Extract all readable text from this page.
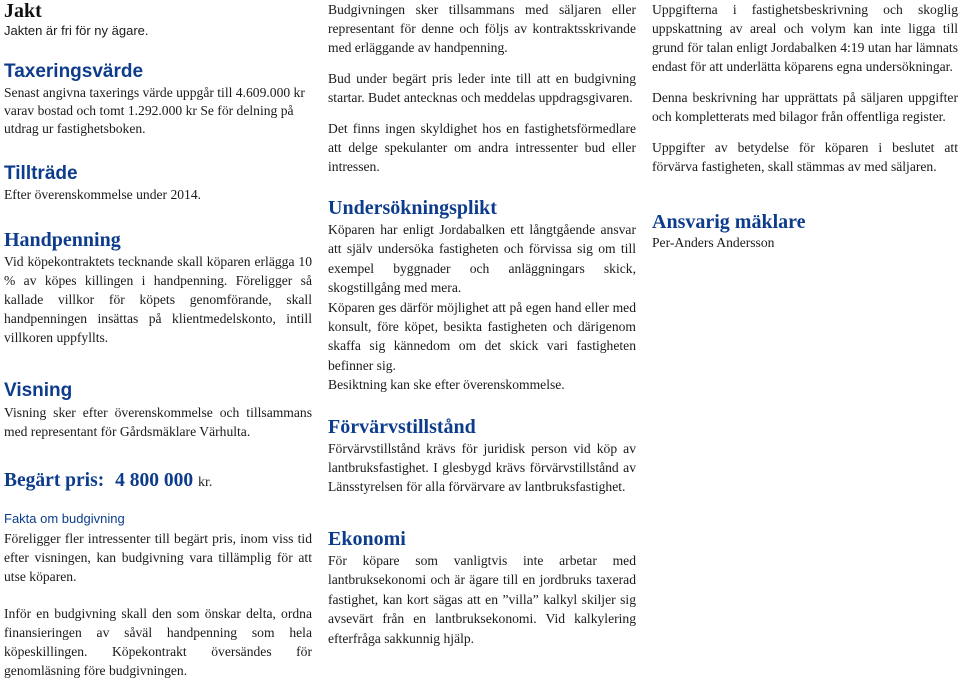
Jakt

Jakten är fri för ny ägare.

Taxeringsvärde

Senast angivna taxerings värde uppgår till 4.609.000 kr varav bostad och tomt 1.292.000 kr Se för delning på utdrag ur fastighetsboken.

Tillträde

Efter överenskommelse under 2014.

Handpenning

Vid köpekontraktets tecknande skall köparen erlägga 10 % av köpes killingen i handpenning. Föreligger så kallade villkor för köpets genomförande, skall handpenningen insättas på klientmedelskonto, intill villkoren uppfyllts.

Visning

Visning sker efter överenskommelse och tillsammans med representant för Gårdsmäklare Värhulta.

Begärt pris: 4 800 000 kr.

Fakta om budgivning

Föreligger fler intressenter till begärt pris, inom viss tid efter visningen, kan budgivning vara tillämplig för att utse köparen.

Inför en budgivning skall den som önskar delta, ordna finansieringen av såväl handpenning som hela köpeskillingen. Köpekontrakt översändes för genomläsning före budgivningen.

Budgivningen sker tillsammans med säljaren eller representant för denne och följs av kontraktsskrivande med erläggande av handpenning.

Bud under begärt pris leder inte till att en budgivning startar. Budet antecknas och meddelas uppdragsgivaren.

Det finns ingen skyldighet hos en fastighetsförmedlare att delge spekulanter om andra intressenter bud eller intressen.

Undersökningsplikt

Köparen har enligt Jordabalken ett långtgående ansvar att själv undersöka fastigheten och förvissa sig om till exempel byggnader och anläggningars skick, skogstillgång med mera.

Köparen ges därför möjlighet att på egen hand eller med konsult, före köpet, besikta fastigheten och därigenom skaffa sig kännedom om det skick vari fastigheten befinner sig.

Besiktning kan ske efter överenskommelse.

Förvärvstillstånd

Förvärvstillstånd krävs för juridisk person vid köp av lantbruksfastighet. I glesbygd krävs förvärvstillstånd av Länsstyrelsen för alla förvärvare av lantbruksfastighet.

Ekonomi

För köpare som vanligtvis inte arbetar med lantbruksekonomi och är ägare till en jordbruks taxerad fastighet, kan kort sägas att en ”villa” kalkyl skiljer sig avsevärt från en lantbruksekonomi. Vid kalkylering efterfråga sakkunnig hjälp.

Uppgifterna i fastighetsbeskrivning och skoglig uppskattning av areal och volym kan inte ligga till grund för talan enligt Jordabalken 4:19 utan har lämnats endast för att underlätta köparens egna undersökningar.

Denna beskrivning har upprättats på säljaren uppgifter och kompletterats med bilagor från offentliga register.

Uppgifter av betydelse för köparen i beslutet att förvärva fastigheten, skall stämmas av med säljaren.

Ansvarig mäklare

Per-Anders Andersson
